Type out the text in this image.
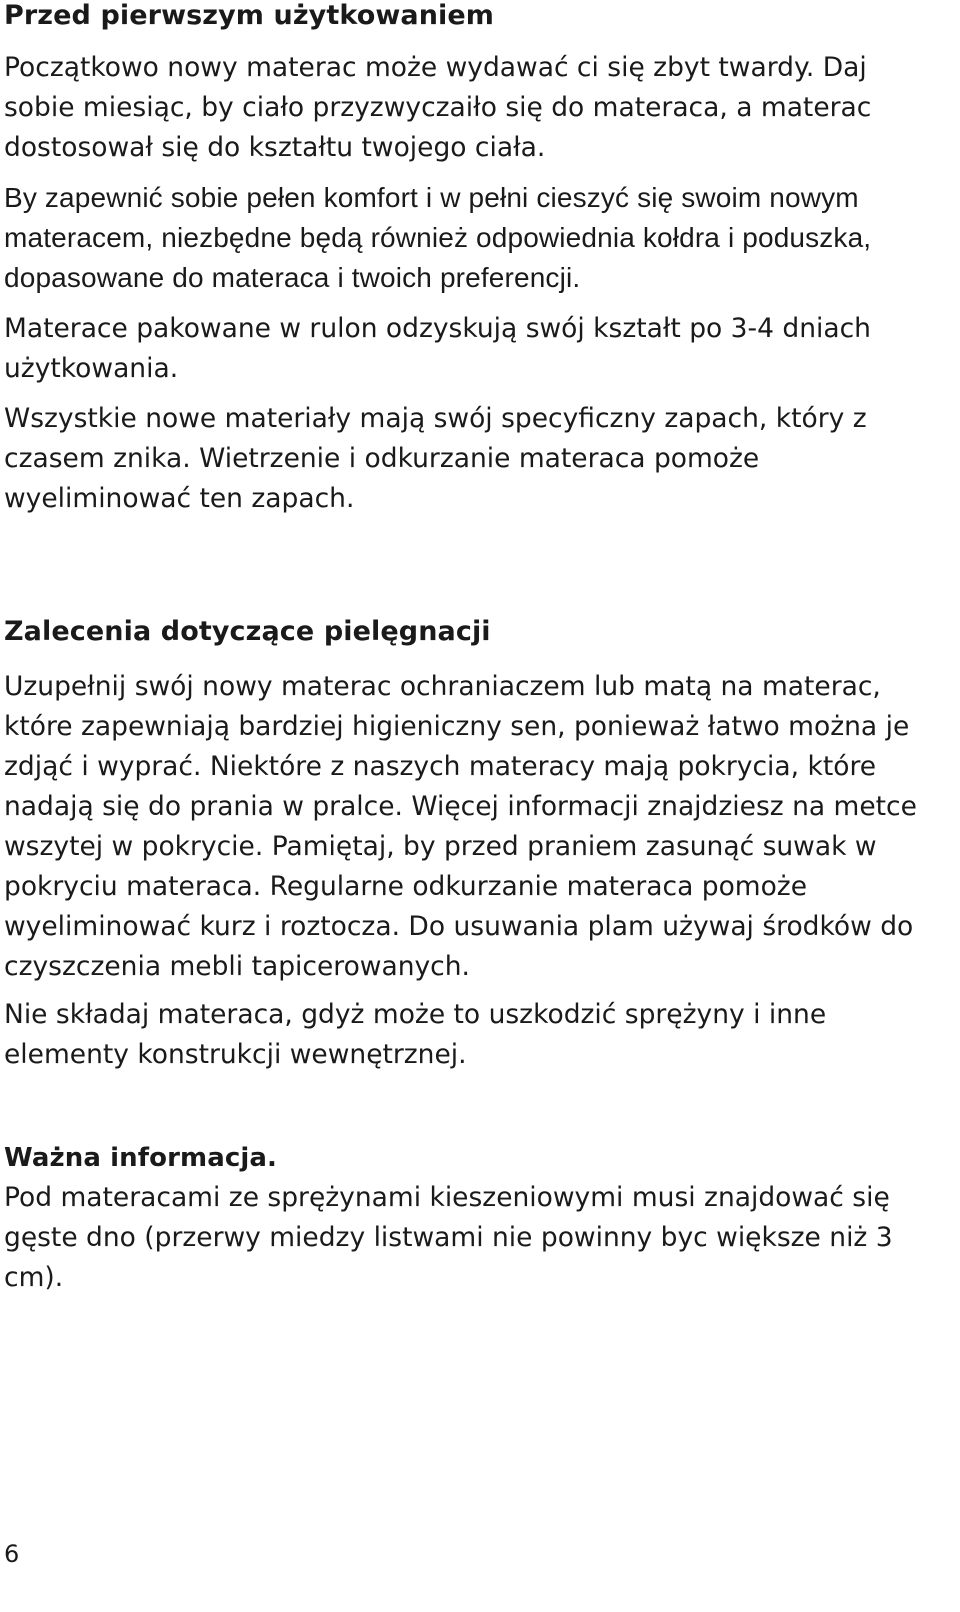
Przed pierwszym użytkowaniem

Początkowo nowy materac może wydawać ci się zbyt twardy. Daj sobie miesiąc, by ciało przyzwyczaiło się do materaca, a materac dostosował się do kształtu twojego ciała.

By zapewnić sobie pełen komfort i w pełni cieszyć się swoim nowym materacem, niezbędne będą również odpowiednia kołdra i poduszka, dopasowane do materaca i twoich preferencji.

Materace pakowane w rulon odzyskują swój kształt po 3-4 dniach użytkowania.

Wszystkie nowe materiały mają swój specyficzny zapach, który z czasem znika. Wietrzenie i odkurzanie materaca pomoże wyeliminować ten zapach.

Zalecenia dotyczące pielęgnacji

Uzupełnij swój nowy materac ochraniaczem lub matą na materac, które zapewniają bardziej higieniczny sen, ponieważ łatwo można je zdjąć i wyprać. Niektóre z naszych materacy mają pokrycia, które nadają się do prania w pralce. Więcej informacji znajdziesz na metce wszytej w pokrycie. Pamiętaj, by przed praniem zasunąć suwak w pokryciu materaca. Regularne odkurzanie materaca pomoże wyeliminować kurz i roztocza. Do usuwania plam używaj środków do czyszczenia mebli tapicerowanych.

Nie składaj materaca, gdyż może to uszkodzić sprężyny i inne elementy konstrukcji wewnętrznej.

Ważna informacja.

Pod materacami ze sprężynami kieszeniowymi musi znajdować się gęste dno (przerwy miedzy listwami nie powinny byc większe niż 3 cm).

6
